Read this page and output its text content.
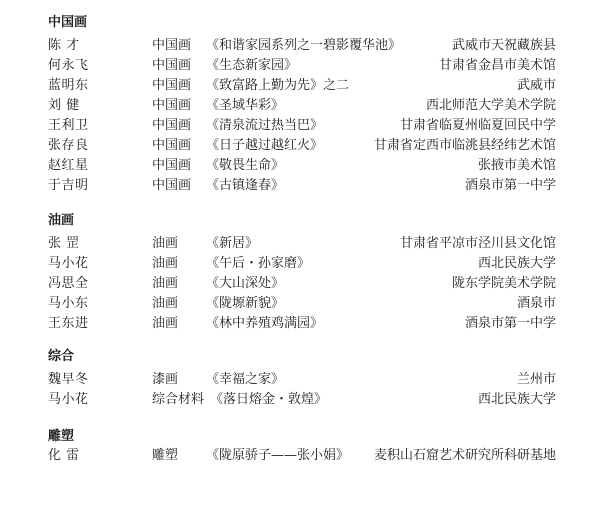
中国画
陈 才	中国画	《和谐家园系列之一碧影覆华池》	武威市天祝藏族县
何永飞	中国画	《生态新家园》	甘肃省金昌市美术馆
蓝明东	中国画	《致富路上勤为先》之二	武威市
刘 健	中国画	《圣域华彩》	西北师范大学美术学院
王利卫	中国画	《清泉流过热当巴》	甘肃省临夏州临夏回民中学
张存良	中国画	《日子越过越红火》	甘肃省定西市临洮县经纬艺术馆
赵红星	中国画	《敬畏生命》	张掖市美术馆
于吉明	中国画	《古镇逢春》	酒泉市第一中学
油画
张 罡	油画	《新居》	甘肃省平凉市泾川县文化馆
马小花	油画	《午后・孙家磨》	西北民族大学
冯思全	油画	《大山深处》	陇东学院美术学院
马小东	油画	《陇塬新貌》	酒泉市
王东进	油画	《林中养殖鸡满园》	酒泉市第一中学
综合
魏早冬	漆画	《幸福之家》	兰州市
马小花	综合材料 《落日熔金・敦煌》	西北民族大学
雕塑
化 雷	雕塑	《陇原骄子——张小娟》	麦积山石窟艺术研究所科研基地
